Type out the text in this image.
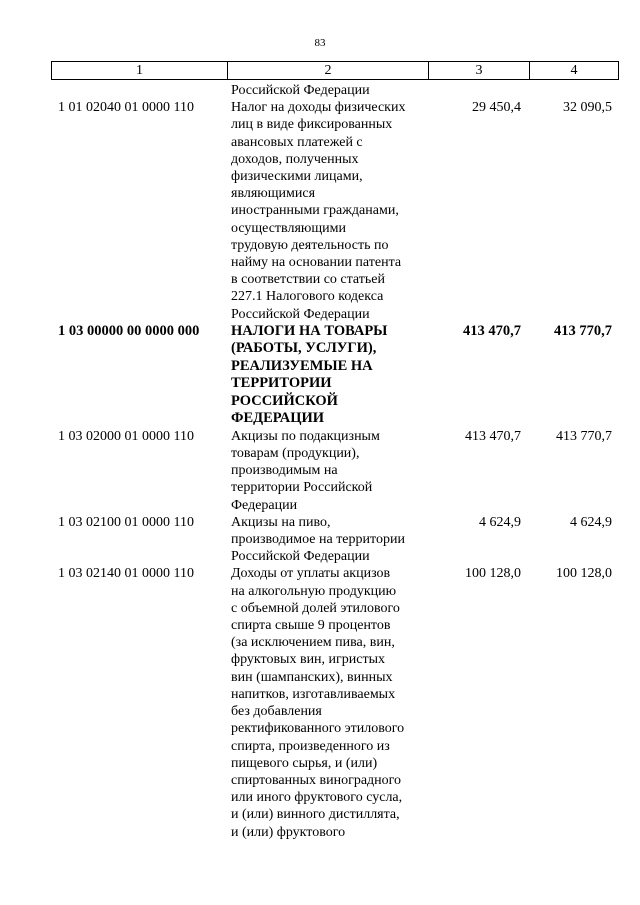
83
1	2	3	4
1 01 02040 01 0000 110
Российской Федерации
Налог на доходы физических
лиц в виде фиксированных
авансовых платежей с
доходов, полученных
физическими лицами,
являющимися
иностранными гражданами,
осуществляющими
трудовую деятельность по
найму на основании патента
в соответствии со статьей
227.1 Налогового кодекса
Российской Федерации
29 450,4	32 090,5
1 03 00000 00 0000 000	НАЛОГИ НА ТОВАРЫ
(РАБОТЫ, УСЛУГИ),
РЕАЛИЗУЕМЫЕ НА
ТЕРРИТОРИИ
РОССИЙСКОЙ
ФЕДЕРАЦИИ
413 470,7	413 770,7
1 03 02000 01 0000 110	Акцизы по подакцизным
товарам (продукции),
производимым на
территории Российской
Федерации
413 470,7	413 770,7
1 03 02100 01 0000 110	Акцизы на пиво,
производимое на территории
Российской Федерации
4 624,9	4 624,9
1 03 02140 01 0000 110	Доходы от уплаты акцизов
на алкогольную продукцию
с объемной долей этилового
спирта свыше 9 процентов
(за исключением пива, вин,
фруктовых вин, игристых
вин (шампанских), винных
напитков, изготавливаемых
без добавления
ректификованного этилового
спирта, произведенного из
пищевого сырья, и (или)
спиртованных виноградного
или иного фруктового сусла,
и (или) винного дистиллята,
и (или) фруктового
100 128,0	100 128,0
